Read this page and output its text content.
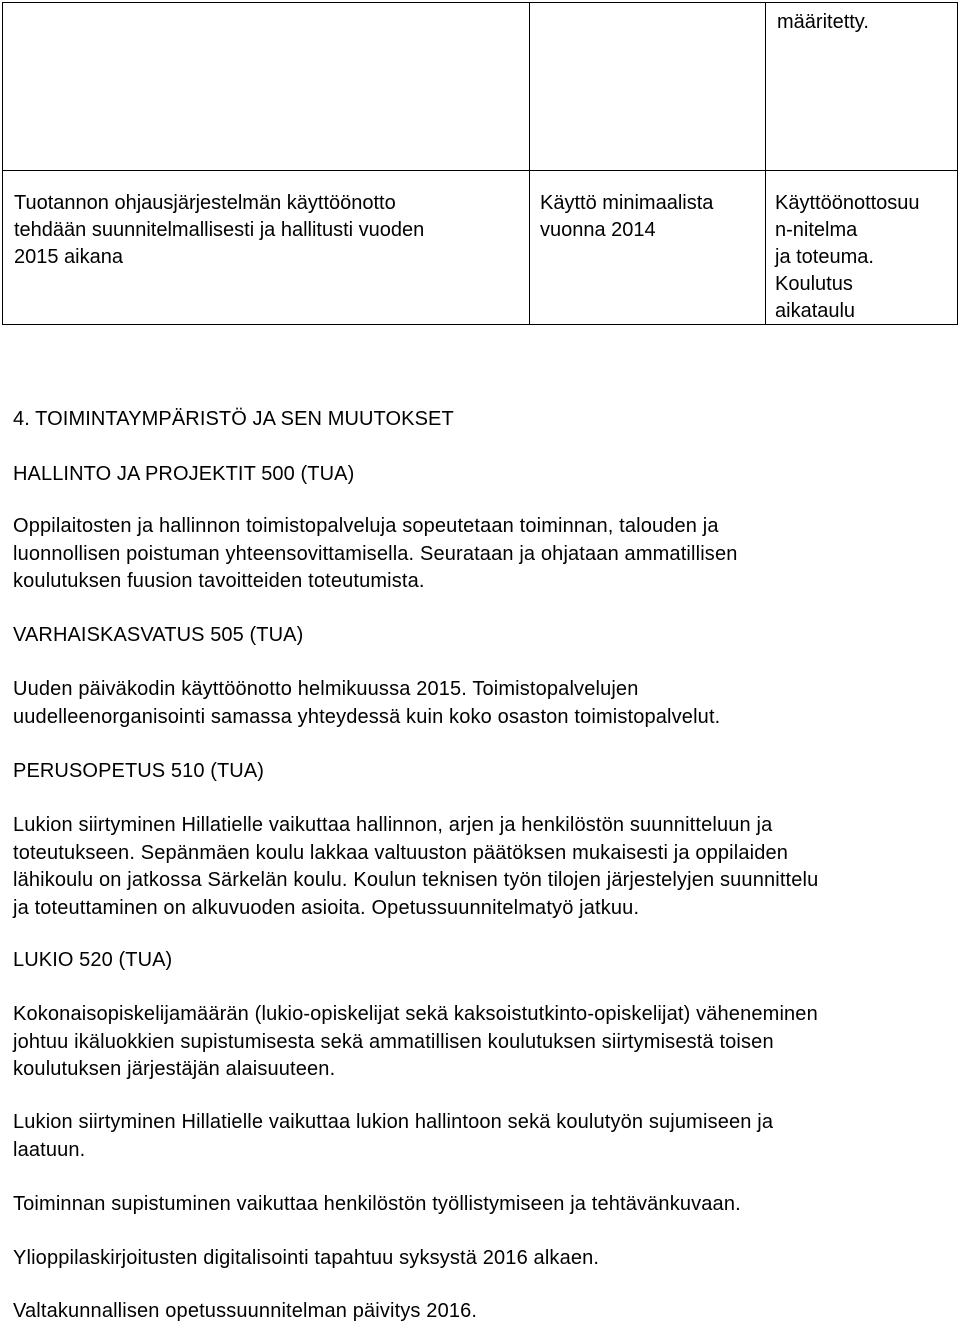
määritetty.
Tuotannon ohjausjärjestelmän käyttöönotto
tehdään suunnitelmallisesti ja hallitusti vuoden
2015 aikana
Käyttö minimaalista
vuonna 2014
Käyttöönottosuu
n-nitelma
ja toteuma.
Koulutus
aikataulu
4. TOIMINTAYMPÄRISTÖ JA SEN MUUTOKSET
HALLINTO JA PROJEKTIT 500 (TUA)
Oppilaitosten ja hallinnon toimistopalveluja sopeutetaan toiminnan, talouden ja
luonnollisen poistuman yhteensovittamisella. Seurataan ja ohjataan ammatillisen
koulutuksen fuusion tavoitteiden toteutumista.
VARHAISKASVATUS 505 (TUA)
Uuden päiväkodin käyttöönotto helmikuussa 2015. Toimistopalvelujen
uudelleenorganisointi samassa yhteydessä kuin koko osaston toimistopalvelut.
PERUSOPETUS 510 (TUA)
Lukion siirtyminen Hillatielle vaikuttaa hallinnon, arjen ja henkilöstön suunnitteluun ja
toteutukseen. Sepänmäen koulu lakkaa valtuuston päätöksen mukaisesti ja oppilaiden
lähikoulu on jatkossa Särkelän koulu. Koulun teknisen työn tilojen järjestelyjen suunnittelu
ja toteuttaminen on alkuvuoden asioita. Opetussuunnitelmatyö jatkuu.
LUKIO 520 (TUA)
Kokonaisopiskelijamäärän (lukio-opiskelijat sekä kaksoistutkinto-opiskelijat) väheneminen
johtuu ikäluokkien supistumisesta sekä ammatillisen koulutuksen siirtymisestä toisen
koulutuksen järjestäjän alaisuuteen.
Lukion siirtyminen Hillatielle vaikuttaa lukion hallintoon sekä koulutyön sujumiseen ja
laatuun.
Toiminnan supistuminen vaikuttaa henkilöstön työllistymiseen ja tehtävänkuvaan.
Ylioppilaskirjoitusten digitalisointi tapahtuu syksystä 2016 alkaen.
Valtakunnallisen opetussuunnitelman päivitys 2016.
